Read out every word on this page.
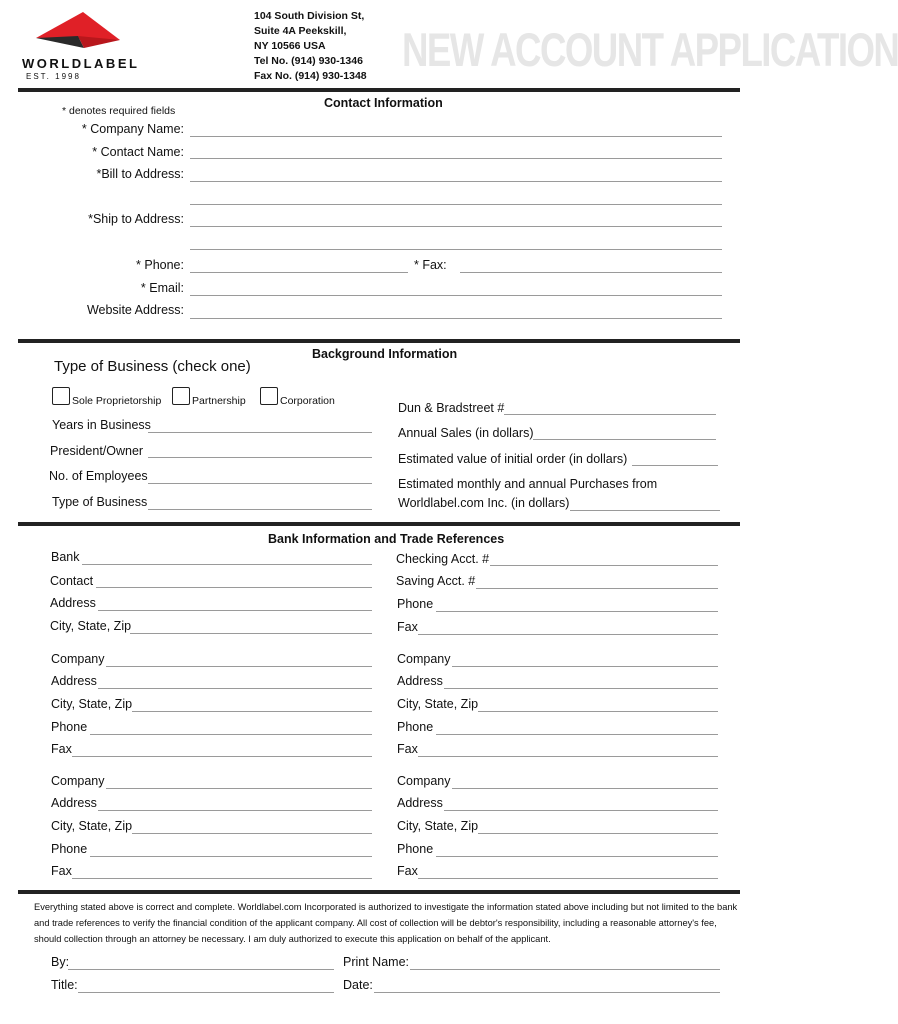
WORLDLABEL
EST. 1998
104 South Division St,
Suite 4A Peekskill,
NY 10566 USA
Tel No. (914) 930-1346
Fax No. (914) 930-1348 NEW ACCOUNT APPLICATION
Contact Information
* denotes required fields
* Company Name:
* Contact Name:
*Bill to Address:
*Ship to Address:
* Phone:	* Fax:
* Email:
Website Address:
Background Information
Type of Business (check one)
Sole Proprietorship	Partnership	Corporation
Years in Business
President/Owner
No. of Employees
Type of Business
Dun & Bradstreet #
Annual Sales (in dollars)
Estimated value of initial order (in dollars)
Estimated monthly and annual Purchases from
Worldlabel.com Inc. (in dollars)
Bank Information and Trade References
Bank
Contact
Address
City, State, Zip
Checking Acct. #
Saving Acct. #
Phone
Fax
Company
Address
City, State, Zip
Phone
Fax
Company
Address
City, State, Zip
Phone
Fax
Company
Address
City, State, Zip
Phone
Fax
Company
Address
City, State, Zip
Phone
Fax
Everything stated above is correct and complete. Worldlabel.com Incorporated is authorized to investigate the information stated above including but not limited to the bank and trade references to verify the financial condition of the applicant company. All cost of collection will be debtor's responsibility, including a reasonable attorney's fee, should collection through an attorney be necessary. I am duly authorized to execute this application on behalf of the applicant.
By:	Print Name:
Title:	Date:
